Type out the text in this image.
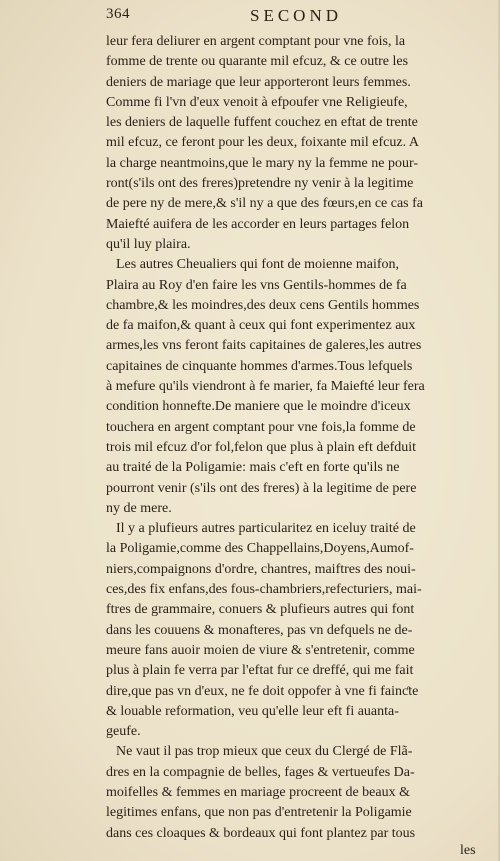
364	SECOND
leur fera deliurer en argent comptant pour vne fois, la
fomme de trente ou quarante mil efcuz, & ce outre les
deniers de mariage que leur apporteront leurs femmes.
Comme fi l'vn d'eux venoit à efpoufer vne Religieufe,
les deniers de laquelle fuffent couchez en eftat de trente
mil efcuz, ce feront pour les deux, foixante mil efcuz. A
la charge neantmoins,que le mary ny la femme ne pour-
ront(s'ils ont des freres)pretendre ny venir à la legitime
de pere ny de mere,& s'il ny a que des fœurs,en ce cas fa
Maiefté auifera de les accorder en leurs partages felon
qu'il luy plaira.
Les autres Cheualiers qui font de moienne maifon,
Plaira au Roy d'en faire les vns Gentils-hommes de fa
chambre,& les moindres,des deux cens Gentils hommes
de fa maifon,& quant à ceux qui font experimentez aux
armes,les vns feront faits capitaines de galeres,les autres
capitaines de cinquante hommes d'armes.Tous lefquels
à mefure qu'ils viendront à fe marier, fa Maiefté leur fera
condition honnefte.De maniere que le moindre d'iceux
touchera en argent comptant pour vne fois,la fomme de
trois mil efcuz d'or fol,felon que plus à plain eft defduit
au traité de la Poligamie: mais c'eft en forte qu'ils ne
pourront venir (s'ils ont des freres) à la legitime de pere
ny de mere.
Il y a plufieurs autres particularitez en iceluy traité de
la Poligamie,comme des Chappellains,Doyens,Aumof-
niers,compaignons d'ordre, chantres, maiftres des noui-
ces,des fix enfans,des fous-chambriers,refecturiers, mai-
ftres de grammaire, conuers & plufieurs autres qui font
dans les couuens & monafteres, pas vn defquels ne de-
meure fans auoir moien de viure & s'entretenir, comme
plus à plain fe verra par l'eftat fur ce dreffé, qui me fait
dire,que pas vn d'eux, ne fe doit oppofer à vne fi fainƈte
& louable reformation, veu qu'elle leur eft fi auanta-
geufe.
Ne vaut il pas trop mieux que ceux du Clergé de Flã-
dres en la compagnie de belles, fages & vertueufes Da-
moifelles & femmes en mariage procreent de beaux &
legitimes enfans, que non pas d'entretenir la Poligamie
dans ces cloaques & bordeaux qui font plantez par tous
les
